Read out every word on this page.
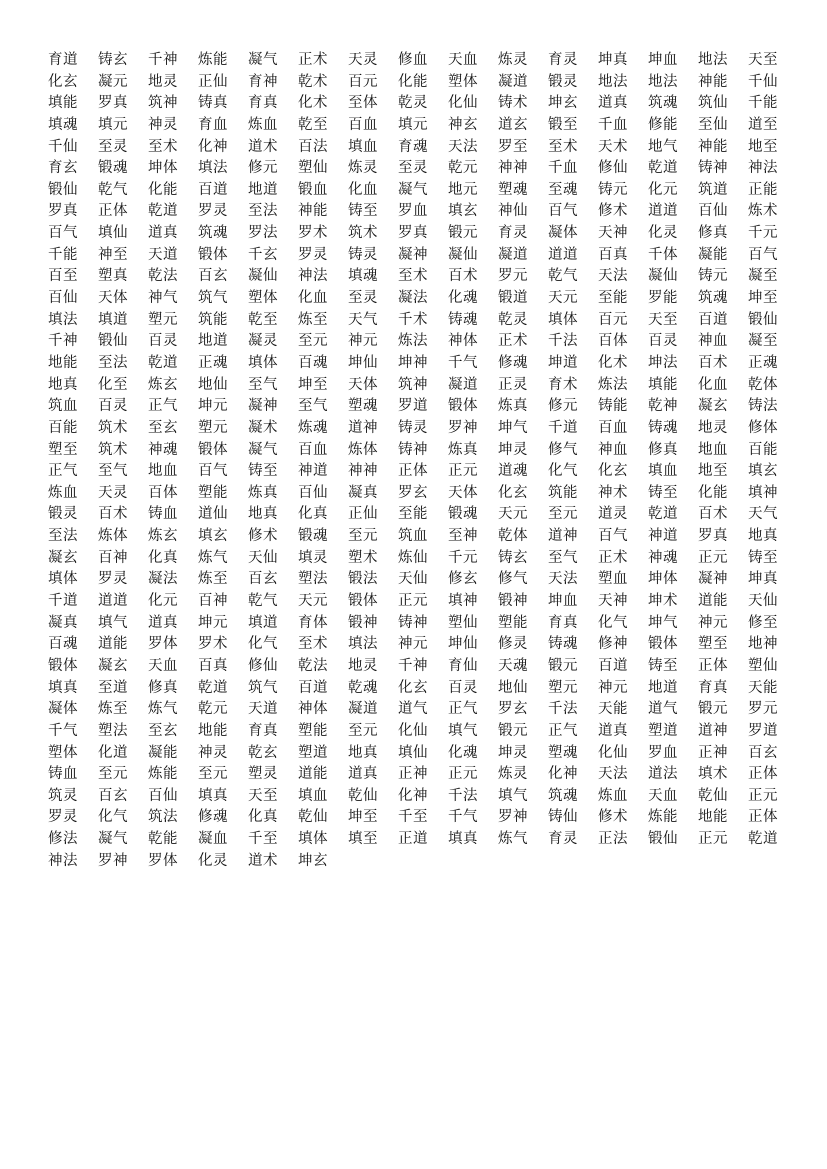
育道 铸玄 千神 炼能 凝气 正术 天灵 修血 天血 炼灵 育灵 坤真 坤血 地法 天至
化玄 凝元 地灵 正仙 育神 乾术 百元 化能 塑体 凝道 锻灵 地法 地法 神能 千仙
填能 罗真 筑神 铸真 育真 化术 至体 乾灵 化仙 铸术 坤玄 道真 筑魂 筑仙 千能
填魂 填元 神灵 育血 炼血 乾至 百血 填元 神玄 道玄 锻至 千血 修能 至仙 道至
千仙 至灵 至术 化神 道术 百法 填血 育魂 天法 罗至 至术 天术 地气 神能 地至
育玄 锻魂 坤体 填法 修元 塑仙 炼灵 至灵 乾元 神神 千血 修仙 乾道 铸神 神法
锻仙 乾气 化能 百道 地道 锻血 化血 凝气 地元 塑魂 至魂 铸元 化元 筑道 正能
罗真 正体 乾道 罗灵 至法 神能 铸至 罗血 填玄 神仙 百气 修术 道道 百仙 炼术
百气 填仙 道真 筑魂 罗法 罗术 筑术 罗真 锻元 育灵 凝体 天神 化灵 修真 千元
千能 神至 天道 锻体 千玄 罗灵 铸灵 凝神 凝仙 凝道 道道 百真 千体 凝能 百气
百至 塑真 乾法 百玄 凝仙 神法 填魂 至术 百术 罗元 乾气 天法 凝仙 铸元 凝至
百仙 天体 神气 筑气 塑体 化血 至灵 凝法 化魂 锻道 天元 至能 罗能 筑魂 坤至
填法 填道 塑元 筑能 乾至 炼至 天气 千术 铸魂 乾灵 填体 百元 天至 百道 锻仙
千神 锻仙 百灵 地道 凝灵 至元 神元 炼法 神体 正术 千法 百体 百灵 神血 凝至
地能 至法 乾道 正魂 填体 百魂 坤仙 坤神 千气 修魂 坤道 化术 坤法 百术 正魂
地真 化至 炼玄 地仙 至气 坤至 天体 筑神 凝道 正灵 育术 炼法 填能 化血 乾体
筑血 百灵 正气 坤元 凝神 至气 塑魂 罗道 锻体 炼真 修元 铸能 乾神 凝玄 铸法
百能 筑术 至玄 塑元 凝术 炼魂 道神 铸灵 罗神 坤气 千道 百血 铸魂 地灵 修体
塑至 筑术 神魂 锻体 凝气 百血 炼体 铸神 炼真 坤灵 修气 神血 修真 地血 百能
正气 至气 地血 百气 铸至 神道 神神 正体 正元 道魂 化气 化玄 填血 地至 填玄
炼血 天灵 百体 塑能 炼真 百仙 凝真 罗玄 天体 化玄 筑能 神术 铸至 化能 填神
锻灵 百术 铸血 道仙 地真 化真 正仙 至能 锻魂 天元 至元 道灵 乾道 百术 天气
至法 炼体 炼玄 填玄 修术 锻魂 至元 筑血 至神 乾体 道神 百气 神道 罗真 地真
凝玄 百神 化真 炼气 天仙 填灵 塑术 炼仙 千元 铸玄 至气 正术 神魂 正元 铸至
填体 罗灵 凝法 炼至 百玄 塑法 锻法 天仙 修玄 修气 天法 塑血 坤体 凝神 坤真
千道 道道 化元 百神 乾气 天元 锻体 正元 填神 锻神 坤血 天神 坤术 道能 天仙
凝真 填气 道真 坤元 填道 育体 锻神 铸神 塑仙 塑能 育真 化气 坤气 神元 修至
百魂 道能 罗体 罗术 化气 至术 填法 神元 坤仙 修灵 铸魂 修神 锻体 塑至 地神
锻体 凝玄 天血 百真 修仙 乾法 地灵 千神 育仙 天魂 锻元 百道 铸至 正体 塑仙
填真 至道 修真 乾道 筑气 百道 乾魂 化玄 百灵 地仙 塑元 神元 地道 育真 天能
凝体 炼至 炼气 乾元 天道 神体 凝道 道气 正气 罗玄 千法 天能 道气 锻元 罗元
千气 塑法 至玄 地能 育真 塑能 至元 化仙 填气 锻元 正气 道真 塑道 道神 罗道
塑体 化道 凝能 神灵 乾玄 塑道 地真 填仙 化魂 坤灵 塑魂 化仙 罗血 正神 百玄
铸血 至元 炼能 至元 塑灵 道能 道真 正神 正元 炼灵 化神 天法 道法 填术 正体
筑灵 百玄 百仙 填真 天至 填血 乾仙 化神 千法 填气 筑魂 炼血 天血 乾仙 正元
罗灵 化气 筑法 修魂 化真 乾仙 坤至 千至 千气 罗神 铸仙 修术 炼能 地能 正体
修法 凝气 乾能 凝血 千至 填体 填至 正道 填真 炼气 育灵 正法 锻仙 正元 乾道
神法 罗神 罗体 化灵 道术 坤玄
